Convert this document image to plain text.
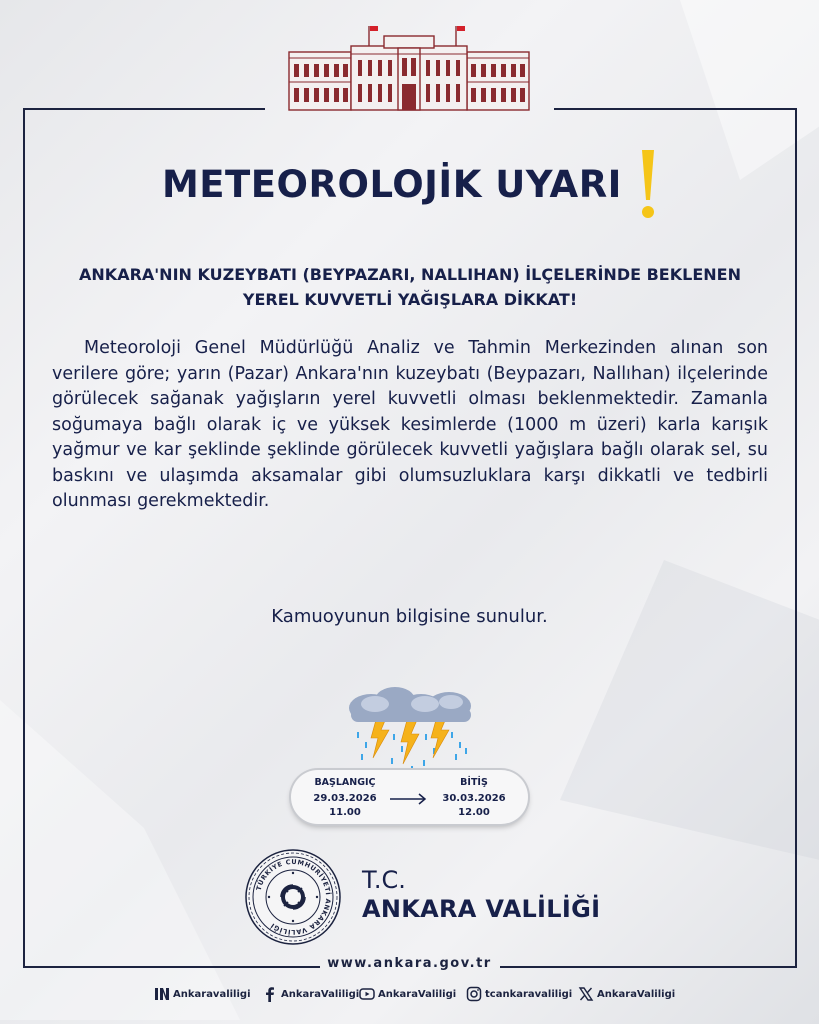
METEOROLOJİK UYARI
ANKARA'NIN KUZEYBATI (BEYPAZARI, NALLIHAN) İLÇELERİNDE BEKLENEN YEREL KUVVETLİ YAĞIŞLARA DİKKAT!

Meteoroloji Genel Müdürlüğü Analiz ve Tahmin Merkezinden alınan son verilere göre; yarın (Pazar) Ankara'nın kuzeybatı (Beypazarı, Nallıhan) ilçelerinde görülecek sağanak yağışların yerel kuvvetli olması beklenmektedir. Zamanla soğumaya bağlı olarak iç ve yüksek kesimlerde (1000 m üzeri) karla karışık yağmur ve kar şeklinde şeklinde görülecek kuvvetli yağışlara bağlı olarak sel, su baskını ve ulaşımda aksamalar gibi olumsuzluklara karşı dikkatli ve tedbirli olunması gerekmektedir.

Kamuoyunun bilgisine sunulur.
BAŞLANGIÇ
29.03.2026
11.00
BİTİŞ
30.03.2026
12.00
TÜRKİYE CUMHURİYETİ ANKARA VALİLİĞİ
T.C.
ANKARA VALİLİĞİ
www.ankara.gov.tr
Ankaravaliligi	AnkaraValiligi AnkaraValiligi	tcankaravaliligi AnkaraValiligi
